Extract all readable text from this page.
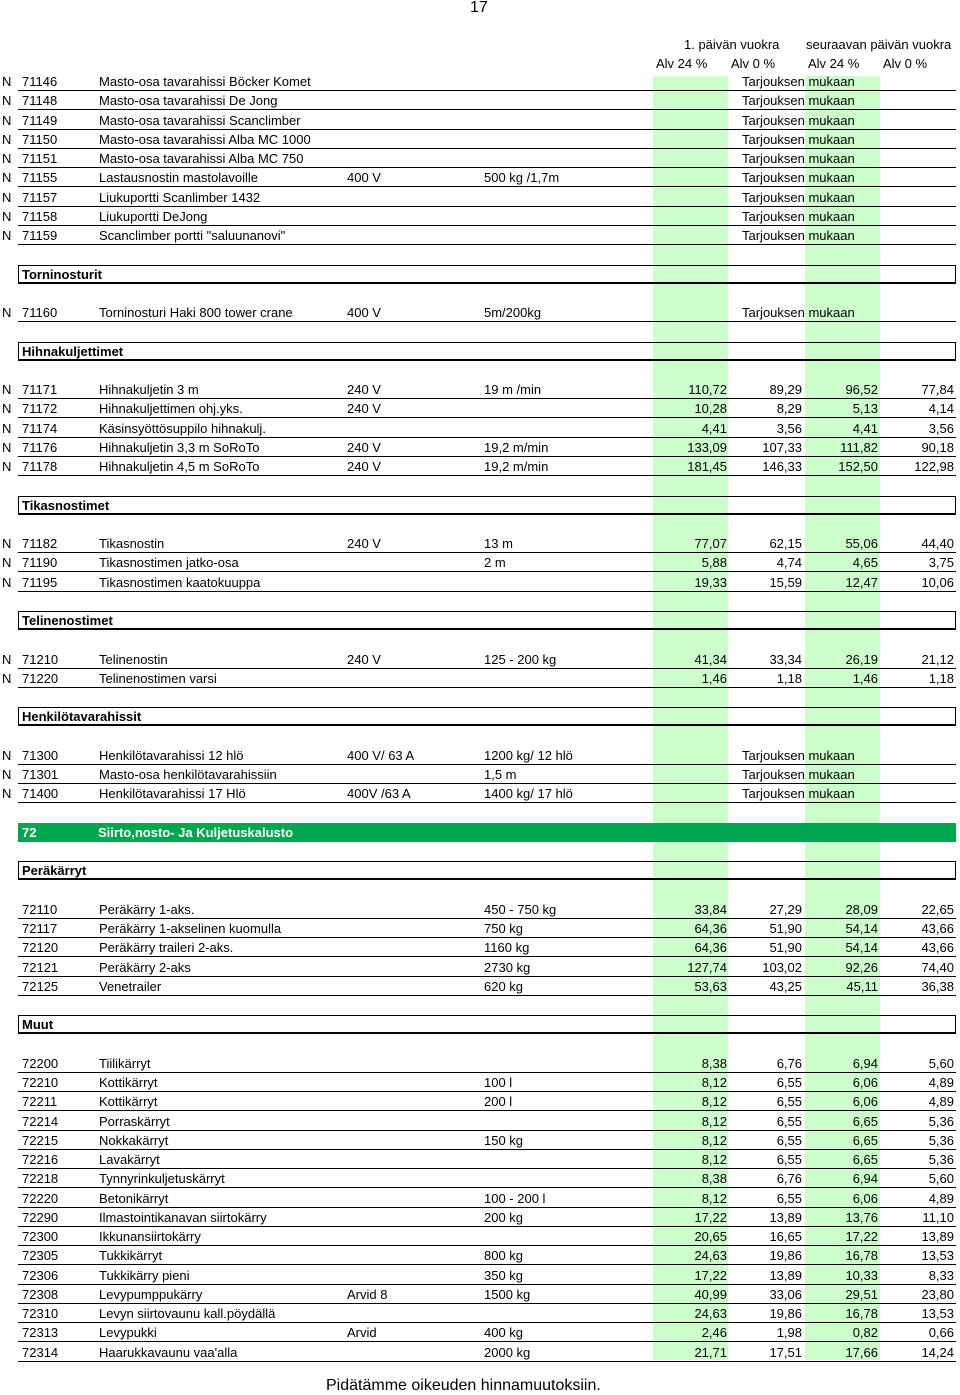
17
1. päivän vuokra seuraavan päivän vuokra
Alv 24 % Alv 0 %	Alv 24 % Alv 0 %
N 71146	Masto-osa tavarahissi Böcker Komet	Tarjouksen mukaan
N 71148	Masto-osa tavarahissi De Jong	Tarjouksen mukaan
N 71149	Masto-osa tavarahissi Scanclimber	Tarjouksen mukaan
N 71150	Masto-osa tavarahissi Alba MC 1000	Tarjouksen mukaan
N 71151	Masto-osa tavarahissi Alba MC 750	Tarjouksen mukaan
N 71155	Lastausnostin mastolavoille	400 V	500 kg /1,7m	Tarjouksen mukaan
N 71157	Liukuportti Scanlimber 1432	Tarjouksen mukaan
N 71158	Liukuportti DeJong	Tarjouksen mukaan
N 71159	Scanclimber portti "saluunanovi"	Tarjouksen mukaan
Torninosturit
N 71160	Torninosturi Haki 800 tower crane	400 V	5m/200kg	Tarjouksen mukaan
Hihnakuljettimet
N 71171	Hihnakuljetin 3 m	240 V	19 m /min	110,72	89,29	96,52	77,84
N 71172	Hihnakuljettimen ohj.yks.	240 V	10,28	8,29	5,13	4,14
N 71174	Käsinsyöttösuppilo hihnakulj.	4,41	3,56	4,41	3,56
N 71176	Hihnakuljetin 3,3 m SoRoTo	240 V	19,2 m/min	133,09	107,33	111,82	90,18
N 71178	Hihnakuljetin 4,5 m SoRoTo	240 V	19,2 m/min	181,45	146,33	152,50	122,98
Tikasnostimet
N 71182	Tikasnostin	240 V	13 m	77,07	62,15	55,06	44,40
N 71190	Tikasnostimen jatko-osa	2 m	5,88	4,74	4,65	3,75
N 71195	Tikasnostimen kaatokuuppa	19,33	15,59	12,47	10,06
Telinenostimet
N 71210	Telinenostin	240 V	125 - 200 kg	41,34	33,34	26,19	21,12
N 71220	Telinenostimen varsi	1,46	1,18	1,46	1,18
Henkilötavarahissit
N 71300	Henkilötavarahissi 12 hlö	400 V/ 63 A	1200 kg/ 12 hlö	Tarjouksen mukaan
N 71301	Masto-osa henkilötavarahissiin	1,5 m	Tarjouksen mukaan
N 71400	Henkilötavarahissi 17 Hlö	400V /63 A	1400 kg/ 17 hlö	Tarjouksen mukaan
72	Siirto,nosto- Ja Kuljetuskalusto
Peräkärryt
72110	Peräkärry 1-aks.	450 - 750 kg	33,84	27,29	28,09	22,65
72117	Peräkärry 1-akselinen kuomulla	750 kg	64,36	51,90	54,14	43,66
72120	Peräkärry traileri 2-aks.	1160 kg	64,36	51,90	54,14	43,66
72121	Peräkärry 2-aks	2730 kg	127,74	103,02	92,26	74,40
72125	Venetrailer	620 kg	53,63	43,25	45,11	36,38
Muut
72200	Tiilikärryt	8,38	6,76	6,94	5,60
72210	Kottikärryt	100 l	8,12	6,55	6,06	4,89
72211	Kottikärryt	200 l	8,12	6,55	6,06	4,89
72214	Porraskärryt	8,12	6,55	6,65	5,36
72215	Nokkakärryt	150 kg	8,12	6,55	6,65	5,36
72216	Lavakärryt	8,12	6,55	6,65	5,36
72218	Tynnyrinkuljetuskärryt	8,38	6,76	6,94	5,60
72220	Betonikärryt	100 - 200 l	8,12	6,55	6,06	4,89
72290	Ilmastointikanavan siirtokärry	200 kg	17,22	13,89	13,76	11,10
72300	Ikkunansiirtokärry	20,65	16,65	17,22	13,89
72305	Tukkikärryt	800 kg	24,63	19,86	16,78	13,53
72306	Tukkikärry pieni	350 kg	17,22	13,89	10,33	8,33
72308	Levypumppukärry	Arvid 8	1500 kg	40,99	33,06	29,51	23,80
72310	Levyn siirtovaunu kall.pöydällä	24,63	19,86	16,78	13,53
72313	Levypukki	Arvid	400 kg	2,46	1,98	0,82	0,66
72314	Haarukkavaunu vaa'alla	2000 kg	21,71	17,51	17,66	14,24
Pidätämme oikeuden hinnamuutoksiin.
